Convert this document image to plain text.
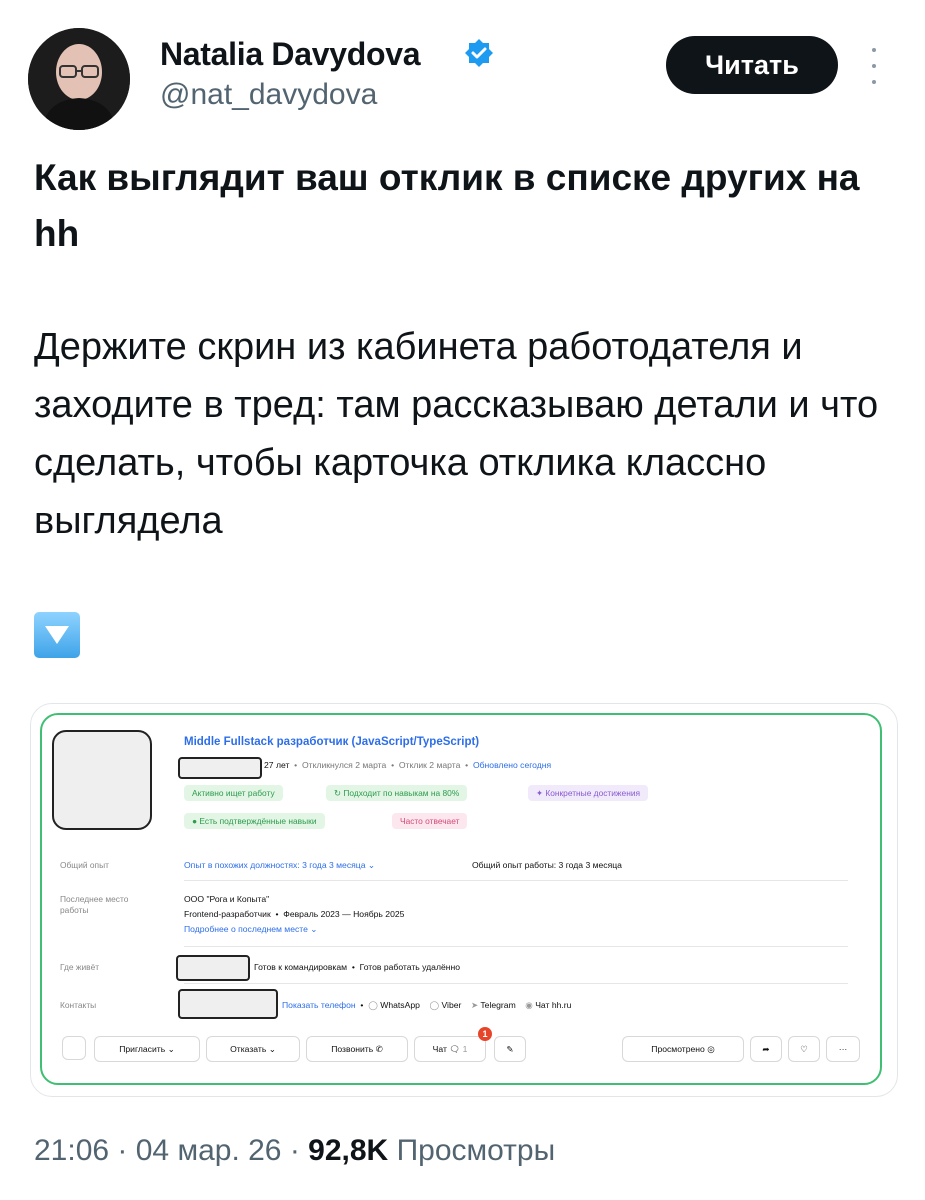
Natalia Davydova
@nat_davydova
Читать
Как выглядит ваш отклик в списке других на hh
Держите скрин из кабинета работодателя и заходите в тред: там рассказываю детали и что сделать, чтобы карточка отклика классно выглядела
Middle Fullstack разработчик (JavaScript/TypeScript)
27 лет  •  Откликнулся 2 марта  •  Отклик 2 марта  •  Обновлено сегодня
Активно ищет работу	↻ Подходит по навыкам на 80%	✦ Конкретные достижения
● Есть подтверждённые навыки	Часто отвечает
Общий опыт	Опыт в похожих должностях: 3 года 3 месяца ⌄	Общий опыт работы: 3 года 3 месяца
Последнее место работы
ООО "Рога и Копыта"
Frontend-разработчик  •  Февраль 2023 — Ноябрь 2025
Подробнее о последнем месте ⌄
Где живёт	Готов к командировкам  •  Готов работать удалённо
Контакты	Показать телефон  •  ◯ WhatsApp ◯ Viber ➤ Telegram ◉ Чат hh.ru
Пригласить
⌄	Отказать
⌄	Позвонить
✆	Чат
🗨
1
1
✎	Просмотрено
◎	➦	♡	···
21:06 · 04 мар. 26 · 92,8K Просмотры
